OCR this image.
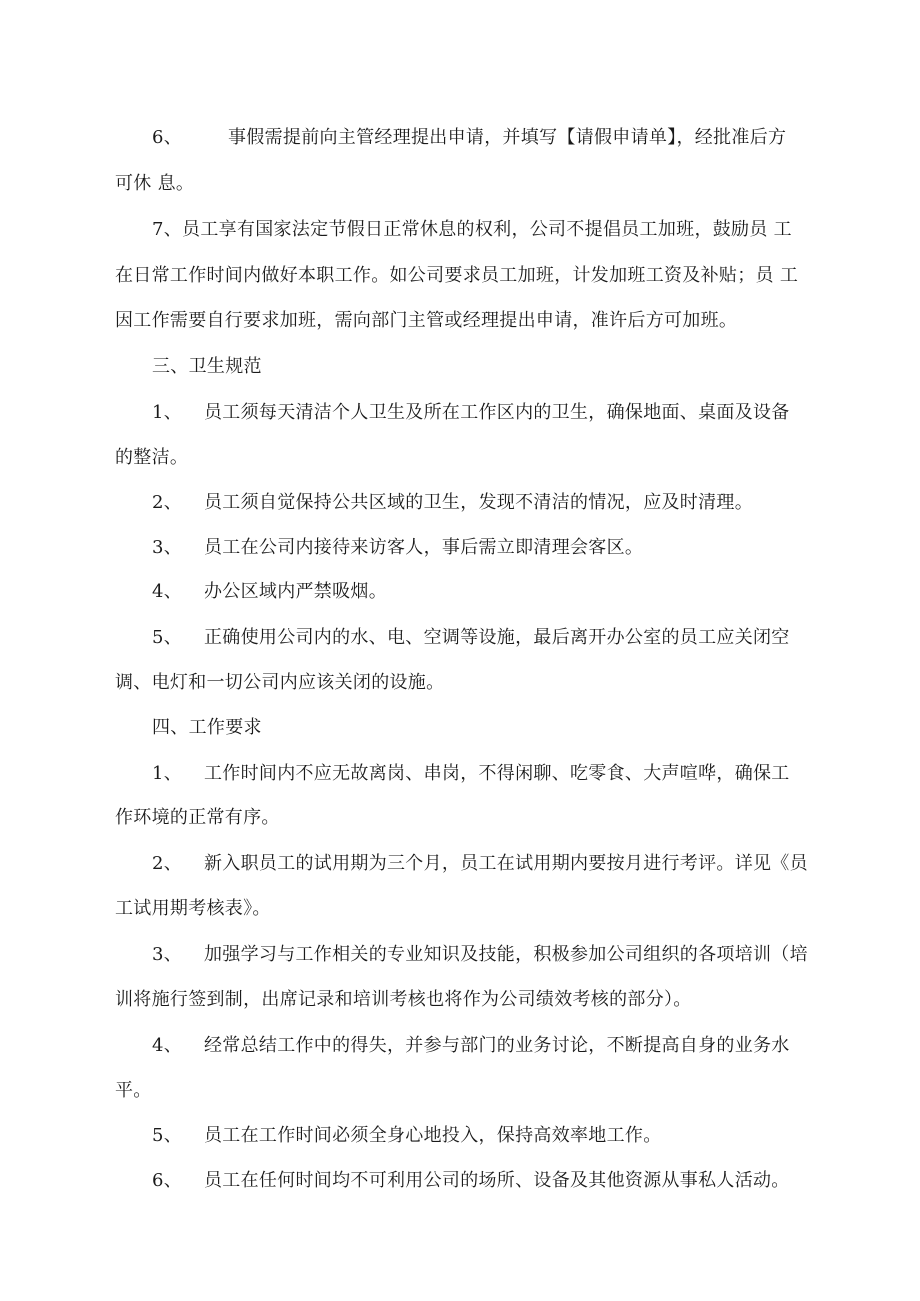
6、	事假需提前向主管经理提出申请，并填写【请假申请单】，经批准后方
可休 息。
7、员工享有国家法定节假日正常休息的权利，公司不提倡员工加班，鼓励员 工
在日常工作时间内做好本职工作。如公司要求员工加班，计发加班工资及补贴；员 工
因工作需要自行要求加班，需向部门主管或经理提出申请，准许后方可加班。
三、卫生规范
1、 员工须每天清洁个人卫生及所在工作区内的卫生，确保地面、桌面及设备
的整洁。
2、 员工须自觉保持公共区域的卫生，发现不清洁的情况，应及时清理。
3、 员工在公司内接待来访客人，事后需立即清理会客区。
4、 办公区域内严禁吸烟。
5、 正确使用公司内的水、电、空调等设施，最后离开办公室的员工应关闭空
调、电灯和一切公司内应该关闭的设施。
四、工作要求
1、 工作时间内不应无故离岗、串岗，不得闲聊、吃零食、大声喧哗，确保工
作环境的正常有序。
2、 新入职员工的试用期为三个月，员工在试用期内要按月进行考评。详见《员
工试用期考核表》。
3、 加强学习与工作相关的专业知识及技能，积极参加公司组织的各项培训（培
训将施行签到制，出席记录和培训考核也将作为公司绩效考核的部分）。
4、 经常总结工作中的得失，并参与部门的业务讨论，不断提高自身的业务水
平。
5、 员工在工作时间必须全身心地投入，保持高效率地工作。
6、 员工在任何时间均不可利用公司的场所、设备及其他资源从事私人活动。
